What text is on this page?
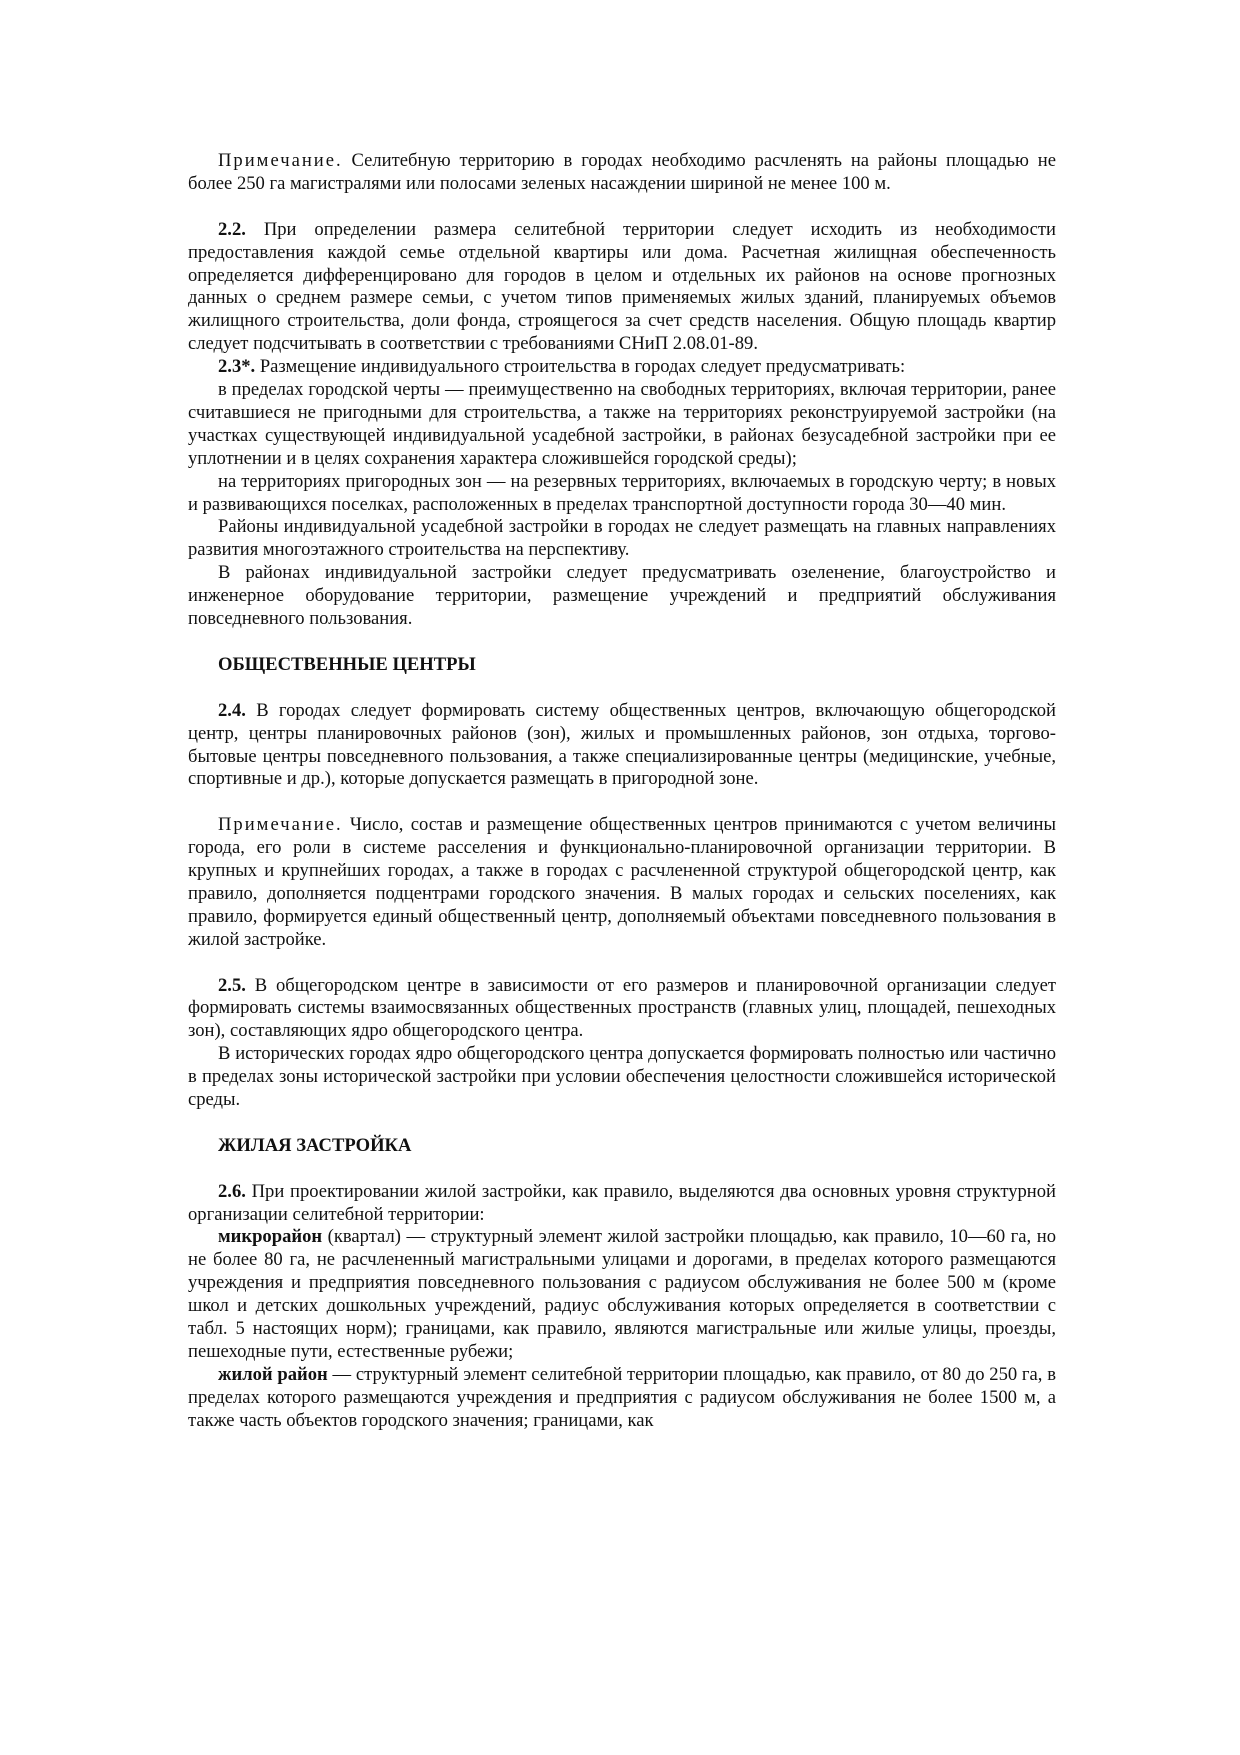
Примечание. Селитебную территорию в городах необходимо расчленять на районы площадью не более 250 га магистралями или полосами зеленых насаждении шириной не менее 100 м.

2.2. При определении размера селитебной территории следует исходить из необходимости предоставления каждой семье отдельной квартиры или дома. Расчетная жилищная обеспеченность определяется дифференцировано для городов в целом и отдельных их районов на основе прогнозных данных о среднем размере семьи, с учетом типов применяемых жилых зданий, планируемых объемов жилищного строительства, доли фонда, строящегося за счет средств населения. Общую площадь квартир следует подсчитывать в соответствии с требованиями СНиП 2.08.01-89.

2.3*. Размещение индивидуального строительства в городах следует предусматривать:

в пределах городской черты — преимущественно на свободных территориях, включая территории, ранее считавшиеся не пригодными для строительства, а также на территориях реконструируемой застройки (на участках существующей индивидуальной усадебной застройки, в районах безусадебной застройки при ее уплотнении и в целях сохранения характера сложившейся городской среды);

на территориях пригородных зон — на резервных территориях, включаемых в городскую черту; в новых и развивающихся поселках, расположенных в пределах транспортной доступности города 30—40 мин.

Районы индивидуальной усадебной застройки в городах не следует размещать на главных направлениях развития многоэтажного строительства на перспективу.

В районах индивидуальной застройки следует предусматривать озеленение, благоустройство и инженерное оборудование территории, размещение учреждений и предприятий обслуживания повседневного пользования.

ОБЩЕСТВЕННЫЕ ЦЕНТРЫ

2.4. В городах следует формировать систему общественных центров, включающую общегородской центр, центры планировочных районов (зон), жилых и промышленных районов, зон отдыха, торгово-бытовые центры повседневного пользования, а также специализированные центры (медицинские, учебные, спортивные и др.), которые допускается размещать в пригородной зоне.

Примечание. Число, состав и размещение общественных центров принимаются с учетом величины города, его роли в системе расселения и функционально-планировочной организации территории. В крупных и крупнейших городах, а также в городах с расчлененной структурой общегородской центр, как правило, дополняется подцентрами городского значения. В малых городах и сельских поселениях, как правило, формируется единый общественный центр, дополняемый объектами повседневного пользования в жилой застройке.

2.5. В общегородском центре в зависимости от его размеров и планировочной организации следует формировать системы взаимосвязанных общественных пространств (главных улиц, площадей, пешеходных зон), составляющих ядро общегородского центра.

В исторических городах ядро общегородского центра допускается формировать полностью или частично в пределах зоны исторической застройки при условии обеспечения целостности сложившейся исторической среды.

ЖИЛАЯ ЗАСТРОЙКА

2.6. При проектировании жилой застройки, как правило, выделяются два основных уровня структурной организации селитебной территории:

микрорайон (квартал) — структурный элемент жилой застройки площадью, как правило, 10—60 га, но не более 80 га, не расчлененный магистральными улицами и дорогами, в пределах которого размещаются учреждения и предприятия повседневного пользования с радиусом обслуживания не более 500 м (кроме школ и детских дошкольных учреждений, радиус обслуживания которых определяется в соответствии с табл. 5 настоящих норм); границами, как правило, являются магистральные или жилые улицы, проезды, пешеходные пути, естественные рубежи;

жилой район — структурный элемент селитебной территории площадью, как правило, от 80 до 250 га, в пределах которого размещаются учреждения и предприятия с радиусом обслуживания не более 1500 м, а также часть объектов городского значения; границами, как
